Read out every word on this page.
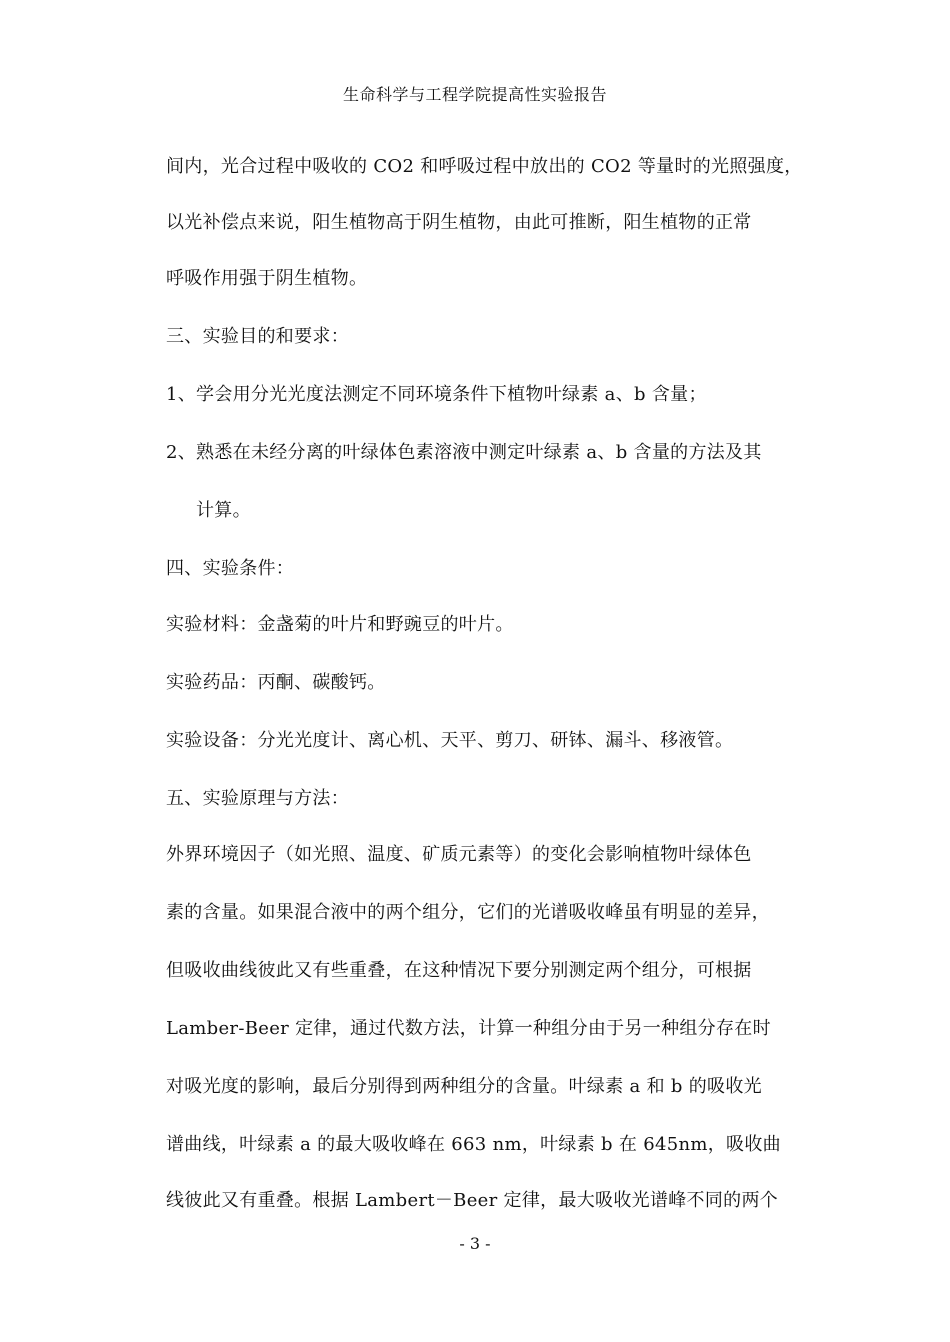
生命科学与工程学院提高性实验报告
间内，光合过程中吸收的 CO2 和呼吸过程中放出的 CO2 等量时的光照强度，
以光补偿点来说，阳生植物高于阴生植物，由此可推断，阳生植物的正常
呼吸作用强于阴生植物。
三、实验目的和要求：
1、学会用分光光度法测定不同环境条件下植物叶绿素 a、b 含量；
2、熟悉在未经分离的叶绿体色素溶液中测定叶绿素 a、b 含量的方法及其
计算。
四、实验条件：
实验材料：金盏菊的叶片和野豌豆的叶片。
实验药品：丙酮、碳酸钙。
实验设备：分光光度计、离心机、天平、剪刀、研钵、漏斗、移液管。
五、实验原理与方法：
外界环境因子（如光照、温度、矿质元素等）的变化会影响植物叶绿体色
素的含量。如果混合液中的两个组分，它们的光谱吸收峰虽有明显的差异，
但吸收曲线彼此又有些重叠，在这种情况下要分别测定两个组分，可根据
Lamber-Beer 定律，通过代数方法，计算一种组分由于另一种组分存在时
对吸光度的影响，最后分别得到两种组分的含量。叶绿素 a 和 b 的吸收光
谱曲线，叶绿素 a 的最大吸收峰在 663 nm，叶绿素 b 在 645nm，吸收曲
线彼此又有重叠。根据 Lambert－Beer 定律，最大吸收光谱峰不同的两个
- 3 -
